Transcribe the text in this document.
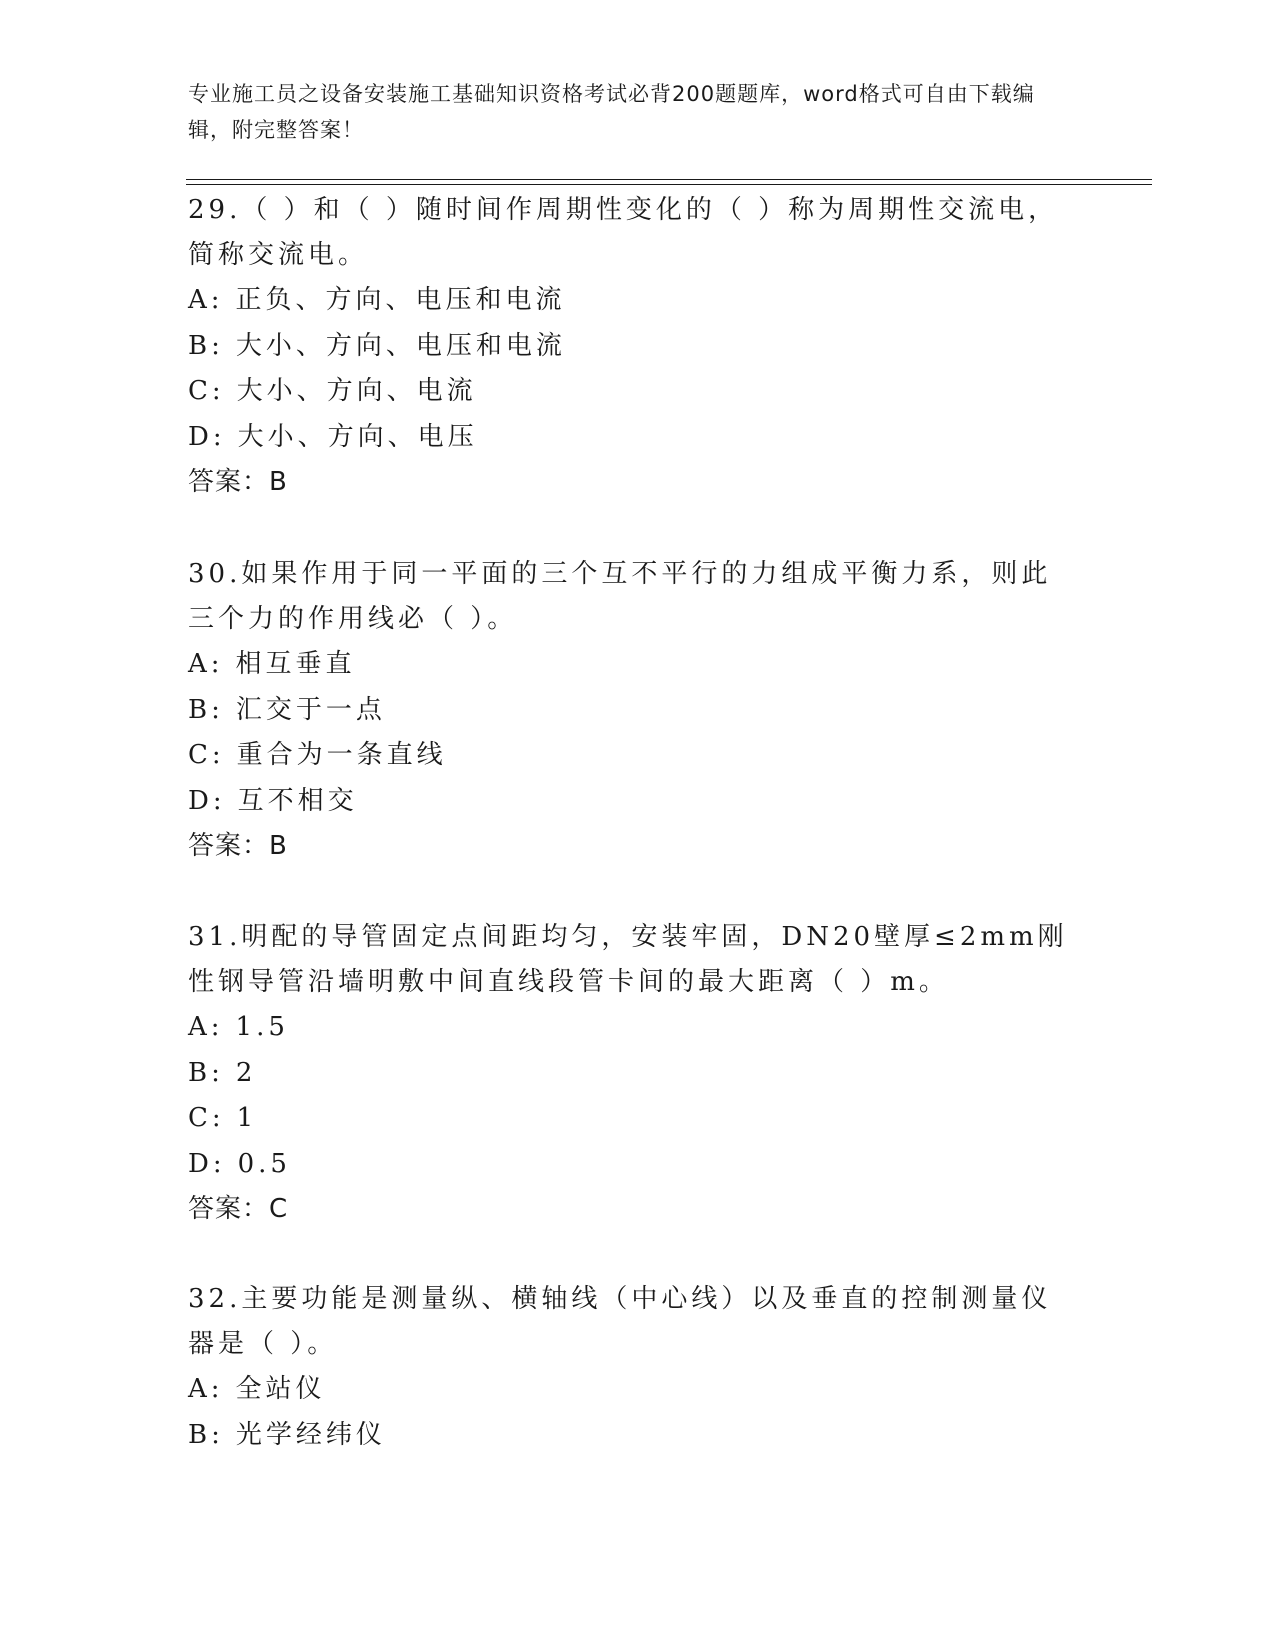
专业施工员之设备安装施工基础知识资格考试必背200题题库，word格式可自由下载编辑，附完整答案！

29.（ ）和（ ）随时间作周期性变化的（ ）称为周期性交流电，简称交流电。

A: 正负、方向、电压和电流

B: 大小、方向、电压和电流

C: 大小、方向、电流

D: 大小、方向、电压

答案：B

30.如果作用于同一平面的三个互不平行的力组成平衡力系，则此三个力的作用线必（ ）。

A: 相互垂直

B: 汇交于一点

C: 重合为一条直线

D: 互不相交

答案：B

31.明配的导管固定点间距均匀，安装牢固，DN20壁厚≤2mm刚性钢导管沿墙明敷中间直线段管卡间的最大距离（ ）m。

A: 1.5

B: 2

C: 1

D: 0.5

答案：C

32.主要功能是测量纵、横轴线（中心线）以及垂直的控制测量仪器是（ ）。

A: 全站仪

B: 光学经纬仪
